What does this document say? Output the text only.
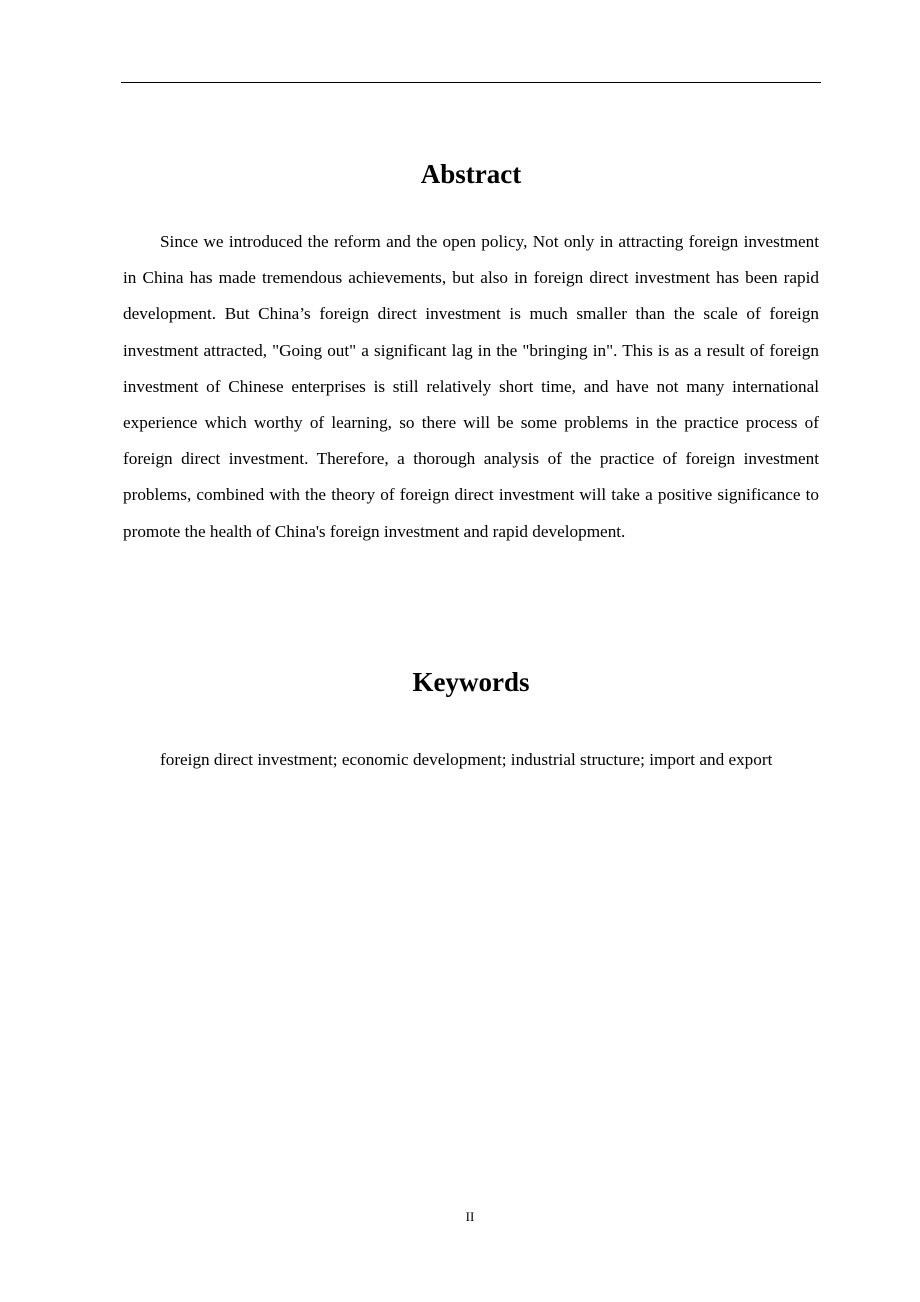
Abstract

Since we introduced the reform and the open policy, Not only in attracting foreign investment in China has made tremendous achievements, but also in foreign direct investment has been rapid development. But China’s foreign direct investment is much smaller than the scale of foreign investment attracted, "Going out" a significant lag in the "bringing in". This is as a result of foreign investment of Chinese enterprises is still relatively short time, and have not many international experience which worthy of learning, so there will be some problems in the practice process of foreign direct investment. Therefore, a thorough analysis of the practice of foreign investment problems, combined with the theory of foreign direct investment will take a positive significance to promote the health of China's foreign investment and rapid development.

Keywords

foreign direct investment; economic development; industrial structure; import and export

II
